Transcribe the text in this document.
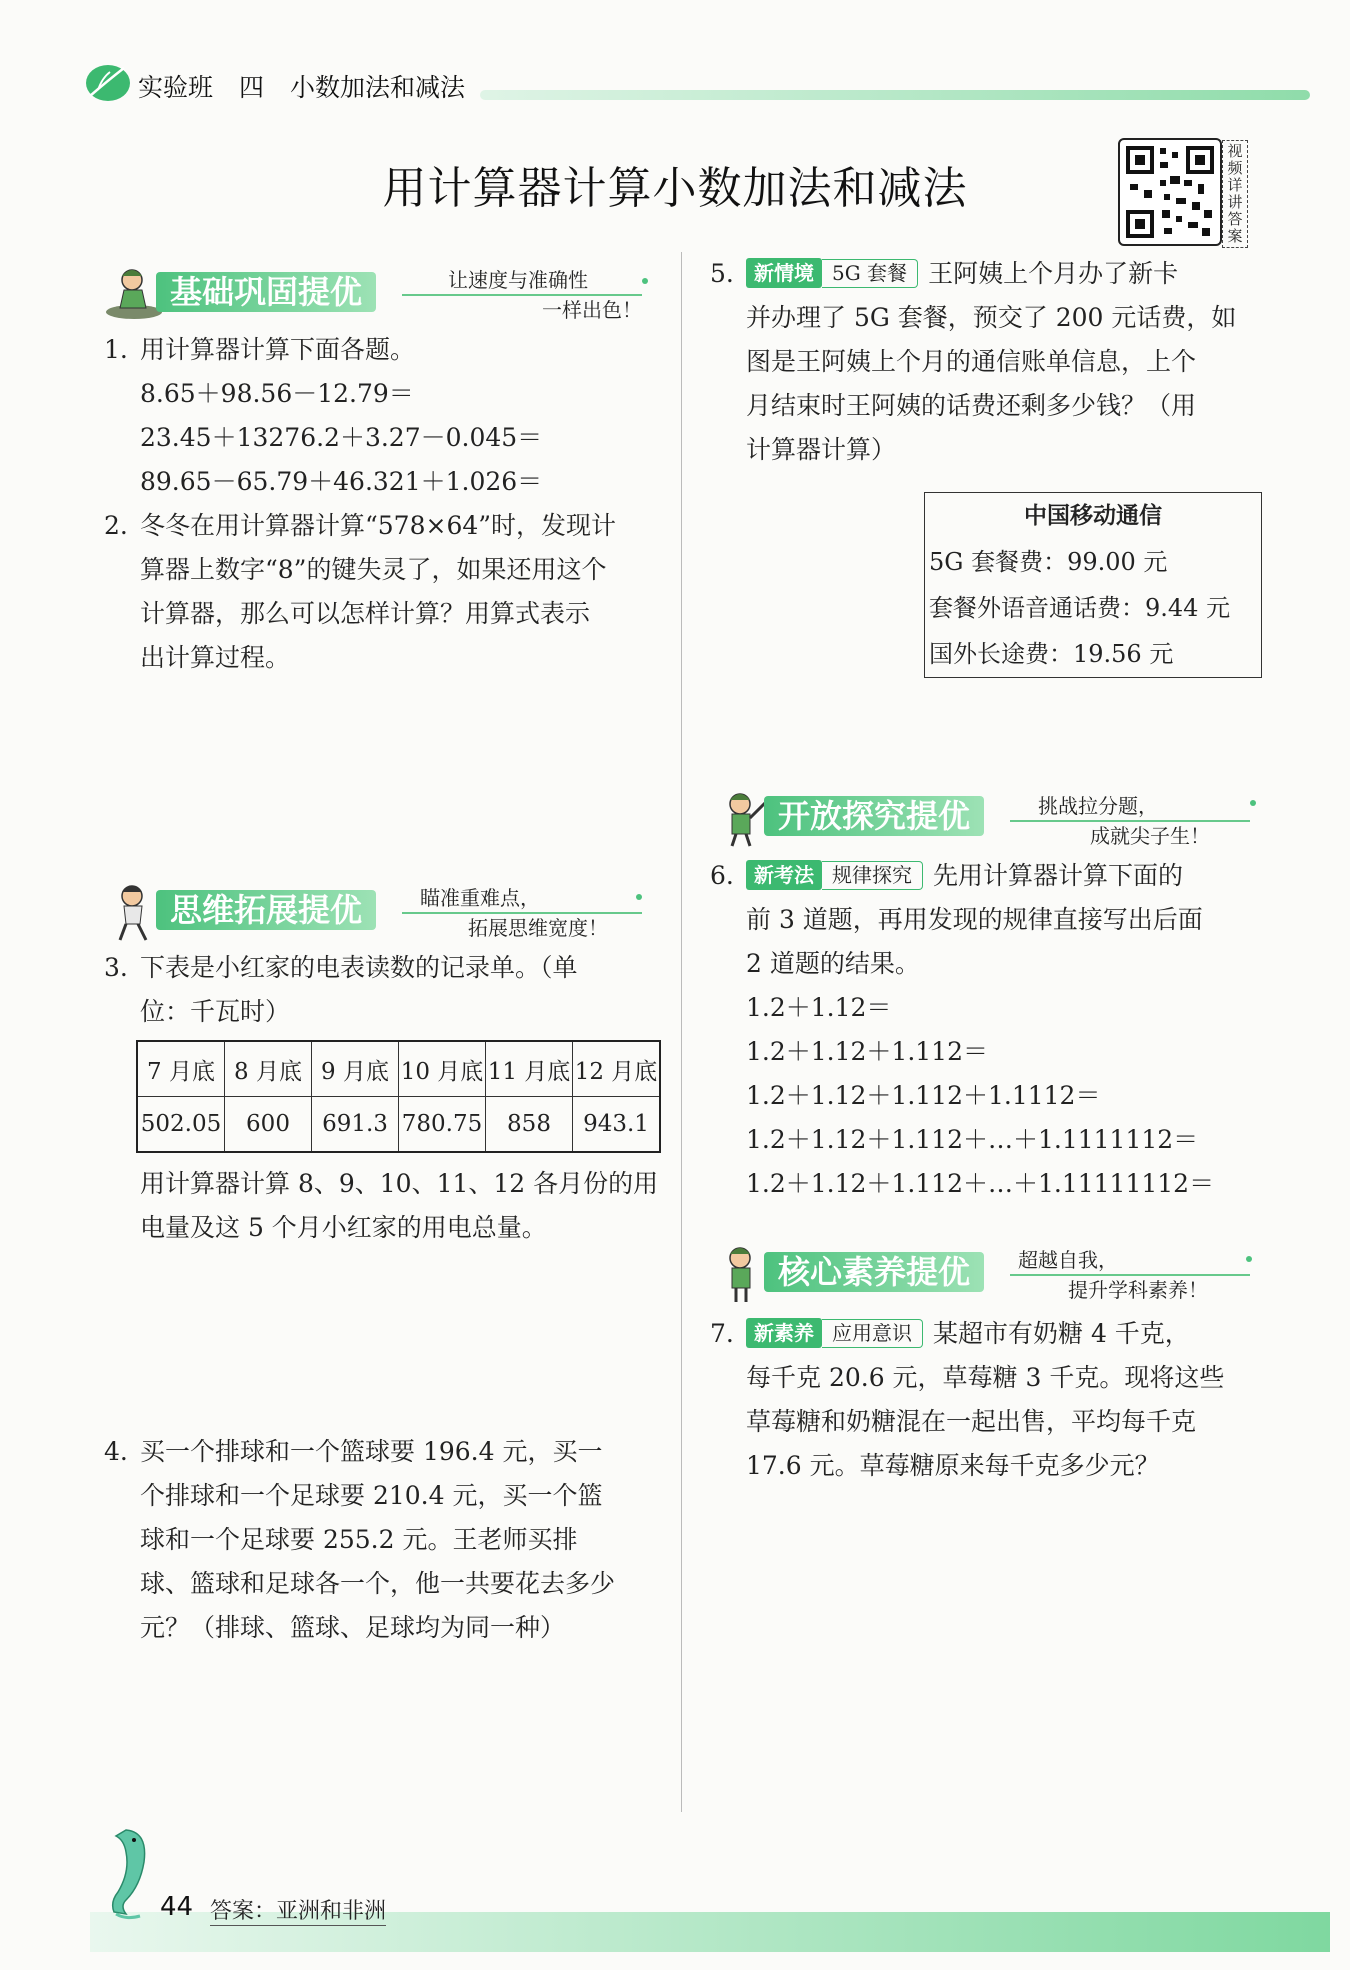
实验班 四 小数加法和减法
用计算器计算小数加法和减法
视频详讲答案
基础巩固提优	让速度与准确性
一样出色！
1. 用计算器计算下面各题。
8.65＋98.56－12.79＝
23.45＋13276.2＋3.27－0.045＝
89.65－65.79＋46.321＋1.026＝
2. 冬冬在用计算器计算“578×64”时，发现计
算器上数字“8”的键失灵了，如果还用这个
计算器，那么可以怎样计算？用算式表示
出计算过程。
思维拓展提优	瞄准重难点，
拓展思维宽度！
3. 下表是小红家的电表读数的记录单。（单
位：千瓦时）
7 月底	8 月底	9 月底	10 月底	11 月底	12 月底
502.05	600	691.3	780.75	858	943.1
用计算器计算 8、9、10、11、12 各月份的用
电量及这 5 个月小红家的用电总量。
4. 买一个排球和一个篮球要 196.4 元，买一
个排球和一个足球要 210.4 元，买一个篮
球和一个足球要 255.2 元。王老师买排
球、篮球和足球各一个，他一共要花去多少
元？（排球、篮球、足球均为同一种）
5.	新情境 5G 套餐 王阿姨上个月办了新卡
并办理了 5G 套餐，预交了 200 元话费，如
图是王阿姨上个月的通信账单信息，上个
月结束时王阿姨的话费还剩多少钱？（用
计算器计算）
中国移动通信
5G 套餐费：99.00 元
套餐外语音通话费：9.44 元
国外长途费：19.56 元
开放探究提优	挑战拉分题，
成就尖子生！
6.	新考法 规律探究 先用计算器计算下面的
前 3 道题，再用发现的规律直接写出后面
2 道题的结果。
1.2＋1.12＝
1.2＋1.12＋1.112＝
1.2＋1.12＋1.112＋1.1112＝
1.2＋1.12＋1.112＋…＋1.1111112＝
1.2＋1.12＋1.112＋…＋1.11111112＝
核心素养提优	超越自我，
提升学科素养！
7.	新素养 应用意识 某超市有奶糖 4 千克，
每千克 20.6 元，草莓糖 3 千克。现将这些
草莓糖和奶糖混在一起出售，平均每千克
17.6 元。草莓糖原来每千克多少元？
44 答案：亚洲和非洲
